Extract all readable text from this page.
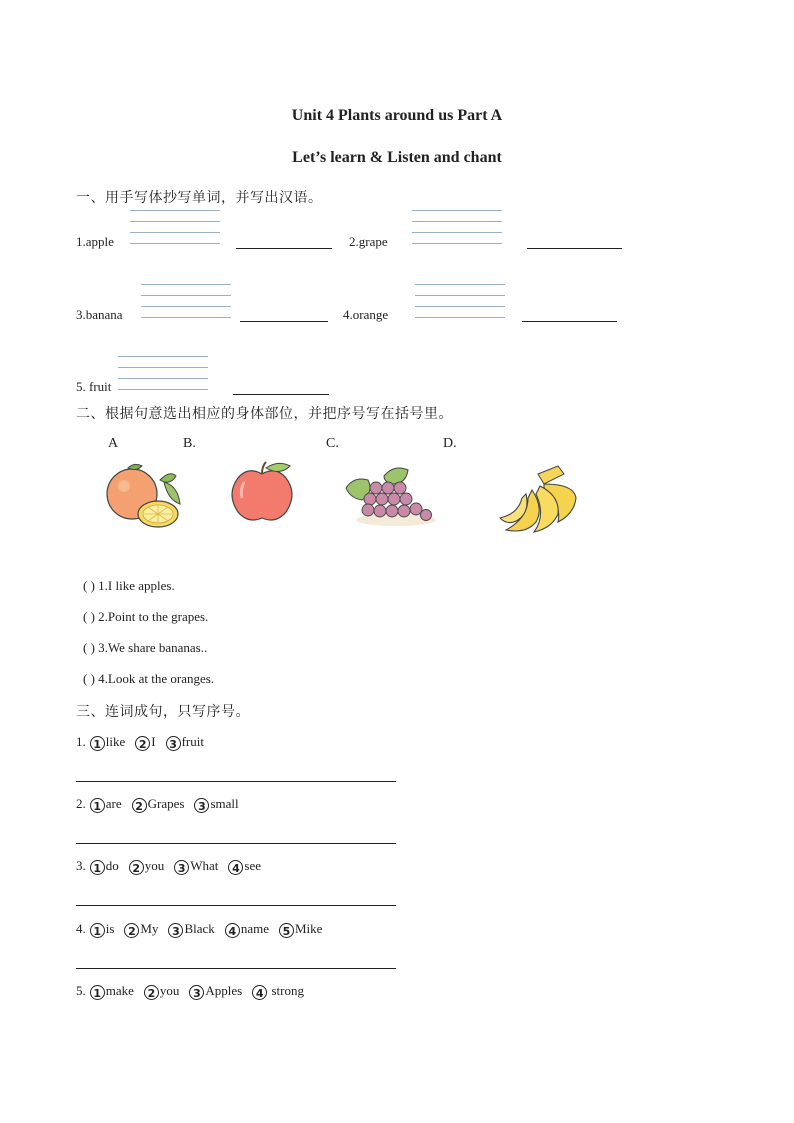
Unit 4 Plants around us Part A
Let’s learn & Listen and chant
一、用手写体抄写单词，并写出汉语。
1.apple	2.grape
3.banana	4.orange
5. fruit
二、根据句意选出相应的身体部位，并把序号写在括号里。
A	B.	C.	D.
( ) 1.I like apples.
( ) 2.Point to the grapes.
( ) 3.We share bananas..
( ) 4.Look at the oranges.
三、连词成句，只写序号。
1. 1 like 2 I 3 fruit
2. 1 are 2 Grapes 3 small
3. 1 do 2 you 3 What 4 see
4. 1 is 2 My 3 Black 4 name 5 Mike
5. 1 make 2 you 3 Apples 4 strong
